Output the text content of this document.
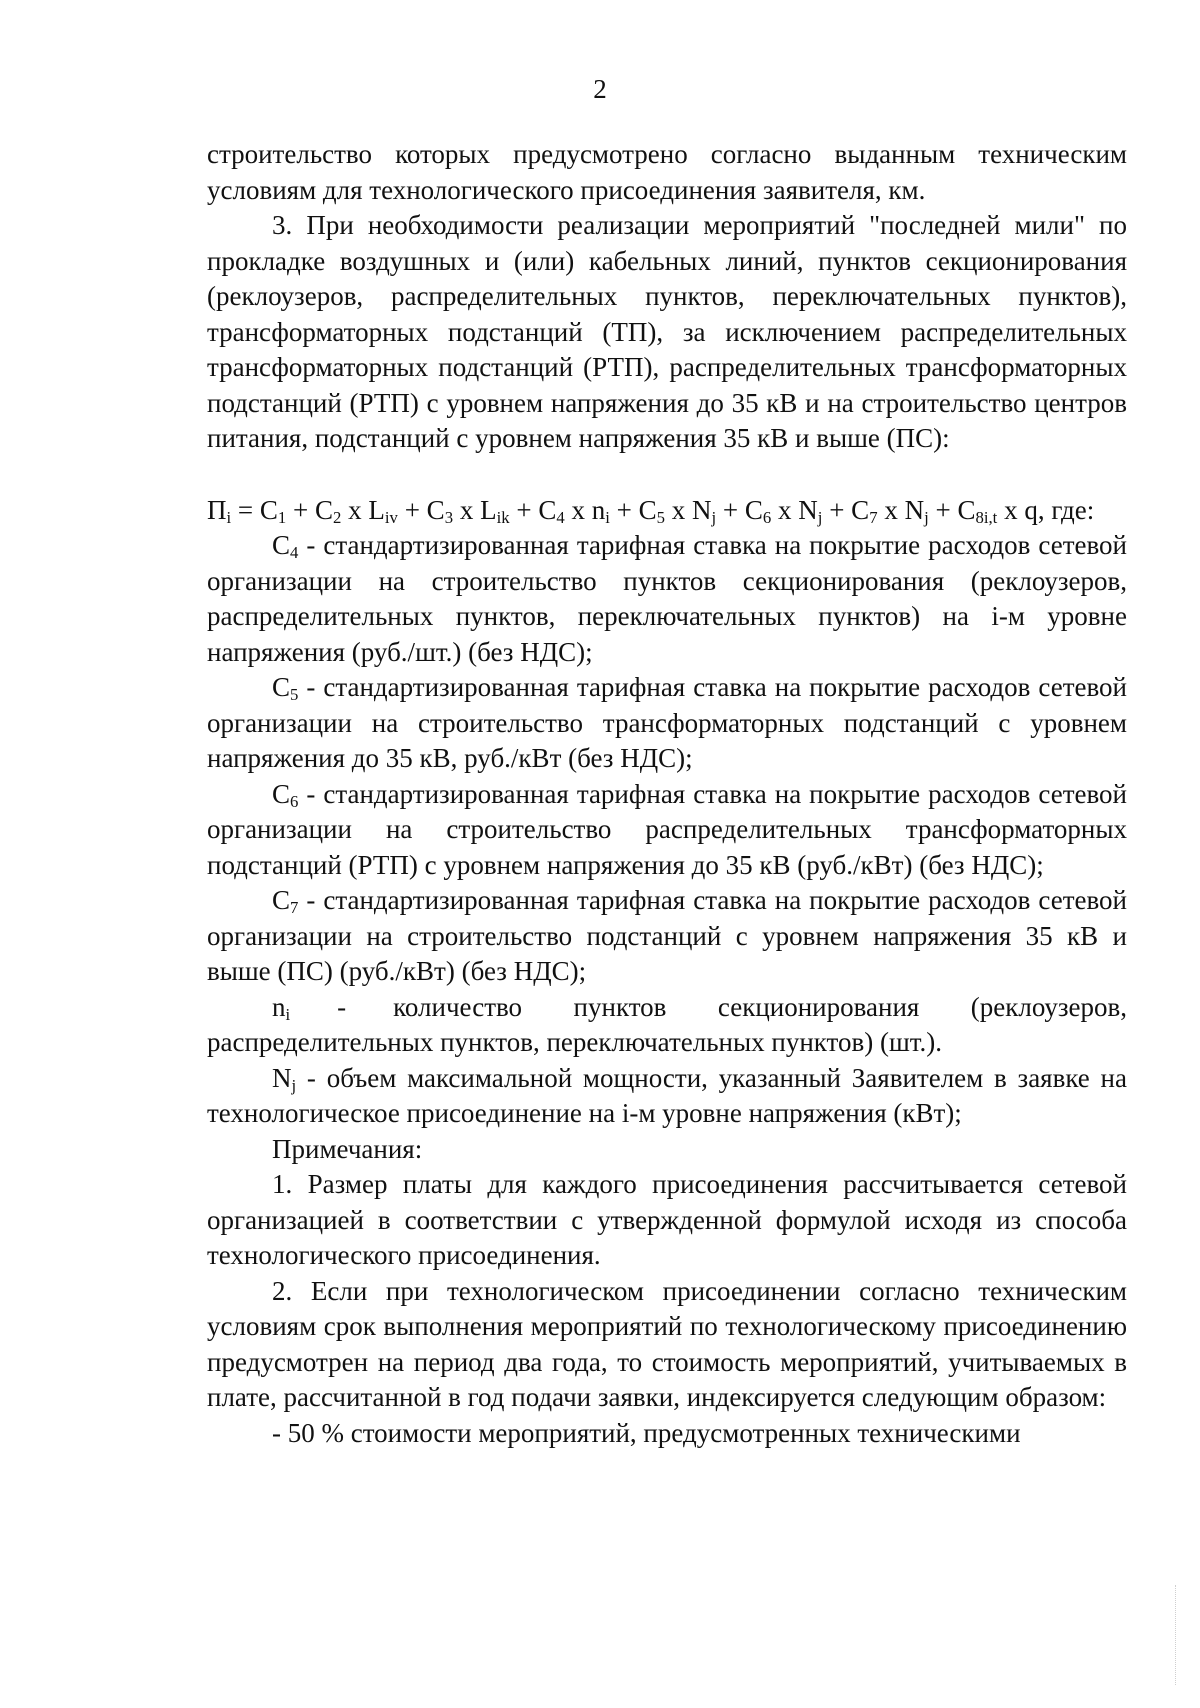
2

строительство которых предусмотрено согласно выданным техническим условиям для технологического присоединения заявителя, км.

3. При необходимости реализации мероприятий "последней мили" по прокладке воздушных и (или) кабельных линий, пунктов секционирования (реклоузеров, распределительных пунктов, переключательных пунктов), трансформаторных подстанций (ТП), за исключением распределительных трансформаторных подстанций (РТП), распределительных трансформаторных подстанций (РТП) с уровнем напряжения до 35 кВ и на строительство центров питания, подстанций с уровнем напряжения 35 кВ и выше (ПС):

$П_i = C_1 + C_2$ x $L_{iv} + C_3$ x $L_{ik} + C_4$ x $n_i + C_5$ x $N_j + C_6$ x $N_j + C_7$ x $N_j + C_{8i,t}$ x q, где:

$C_4$ - стандартизированная тарифная ставка на покрытие расходов сетевой организации на строительство пунктов секционирования (реклоузеров, распределительных пунктов, переключательных пунктов) на i-м уровне напряжения (руб./шт.) (без НДС);

$C_5$ - стандартизированная тарифная ставка на покрытие расходов сетевой организации на строительство трансформаторных подстанций с уровнем напряжения до 35 кВ, руб./кВт (без НДС);

$C_6$ - стандартизированная тарифная ставка на покрытие расходов сетевой организации на строительство распределительных трансформаторных подстанций (РТП) с уровнем напряжения до 35 кВ (руб./кВт) (без НДС);

$C_7$ - стандартизированная тарифная ставка на покрытие расходов сетевой организации на строительство подстанций с уровнем напряжения 35 кВ и выше (ПС) (руб./кВт) (без НДС);

$n_i$ - количество пунктов секционирования (реклоузеров, распределительных пунктов, переключательных пунктов) (шт.).

$N_j$ - объем максимальной мощности, указанный Заявителем в заявке на технологическое присоединение на i-м уровне напряжения (кВт);

Примечания:

1. Размер платы для каждого присоединения рассчитывается сетевой организацией в соответствии с утвержденной формулой исходя из способа технологического присоединения.

2. Если при технологическом присоединении согласно техническим условиям срок выполнения мероприятий по технологическому присоединению предусмотрен на период два года, то стоимость мероприятий, учитываемых в плате, рассчитанной в год подачи заявки, индексируется следующим образом:

- 50 % стоимости мероприятий, предусмотренных техническими
